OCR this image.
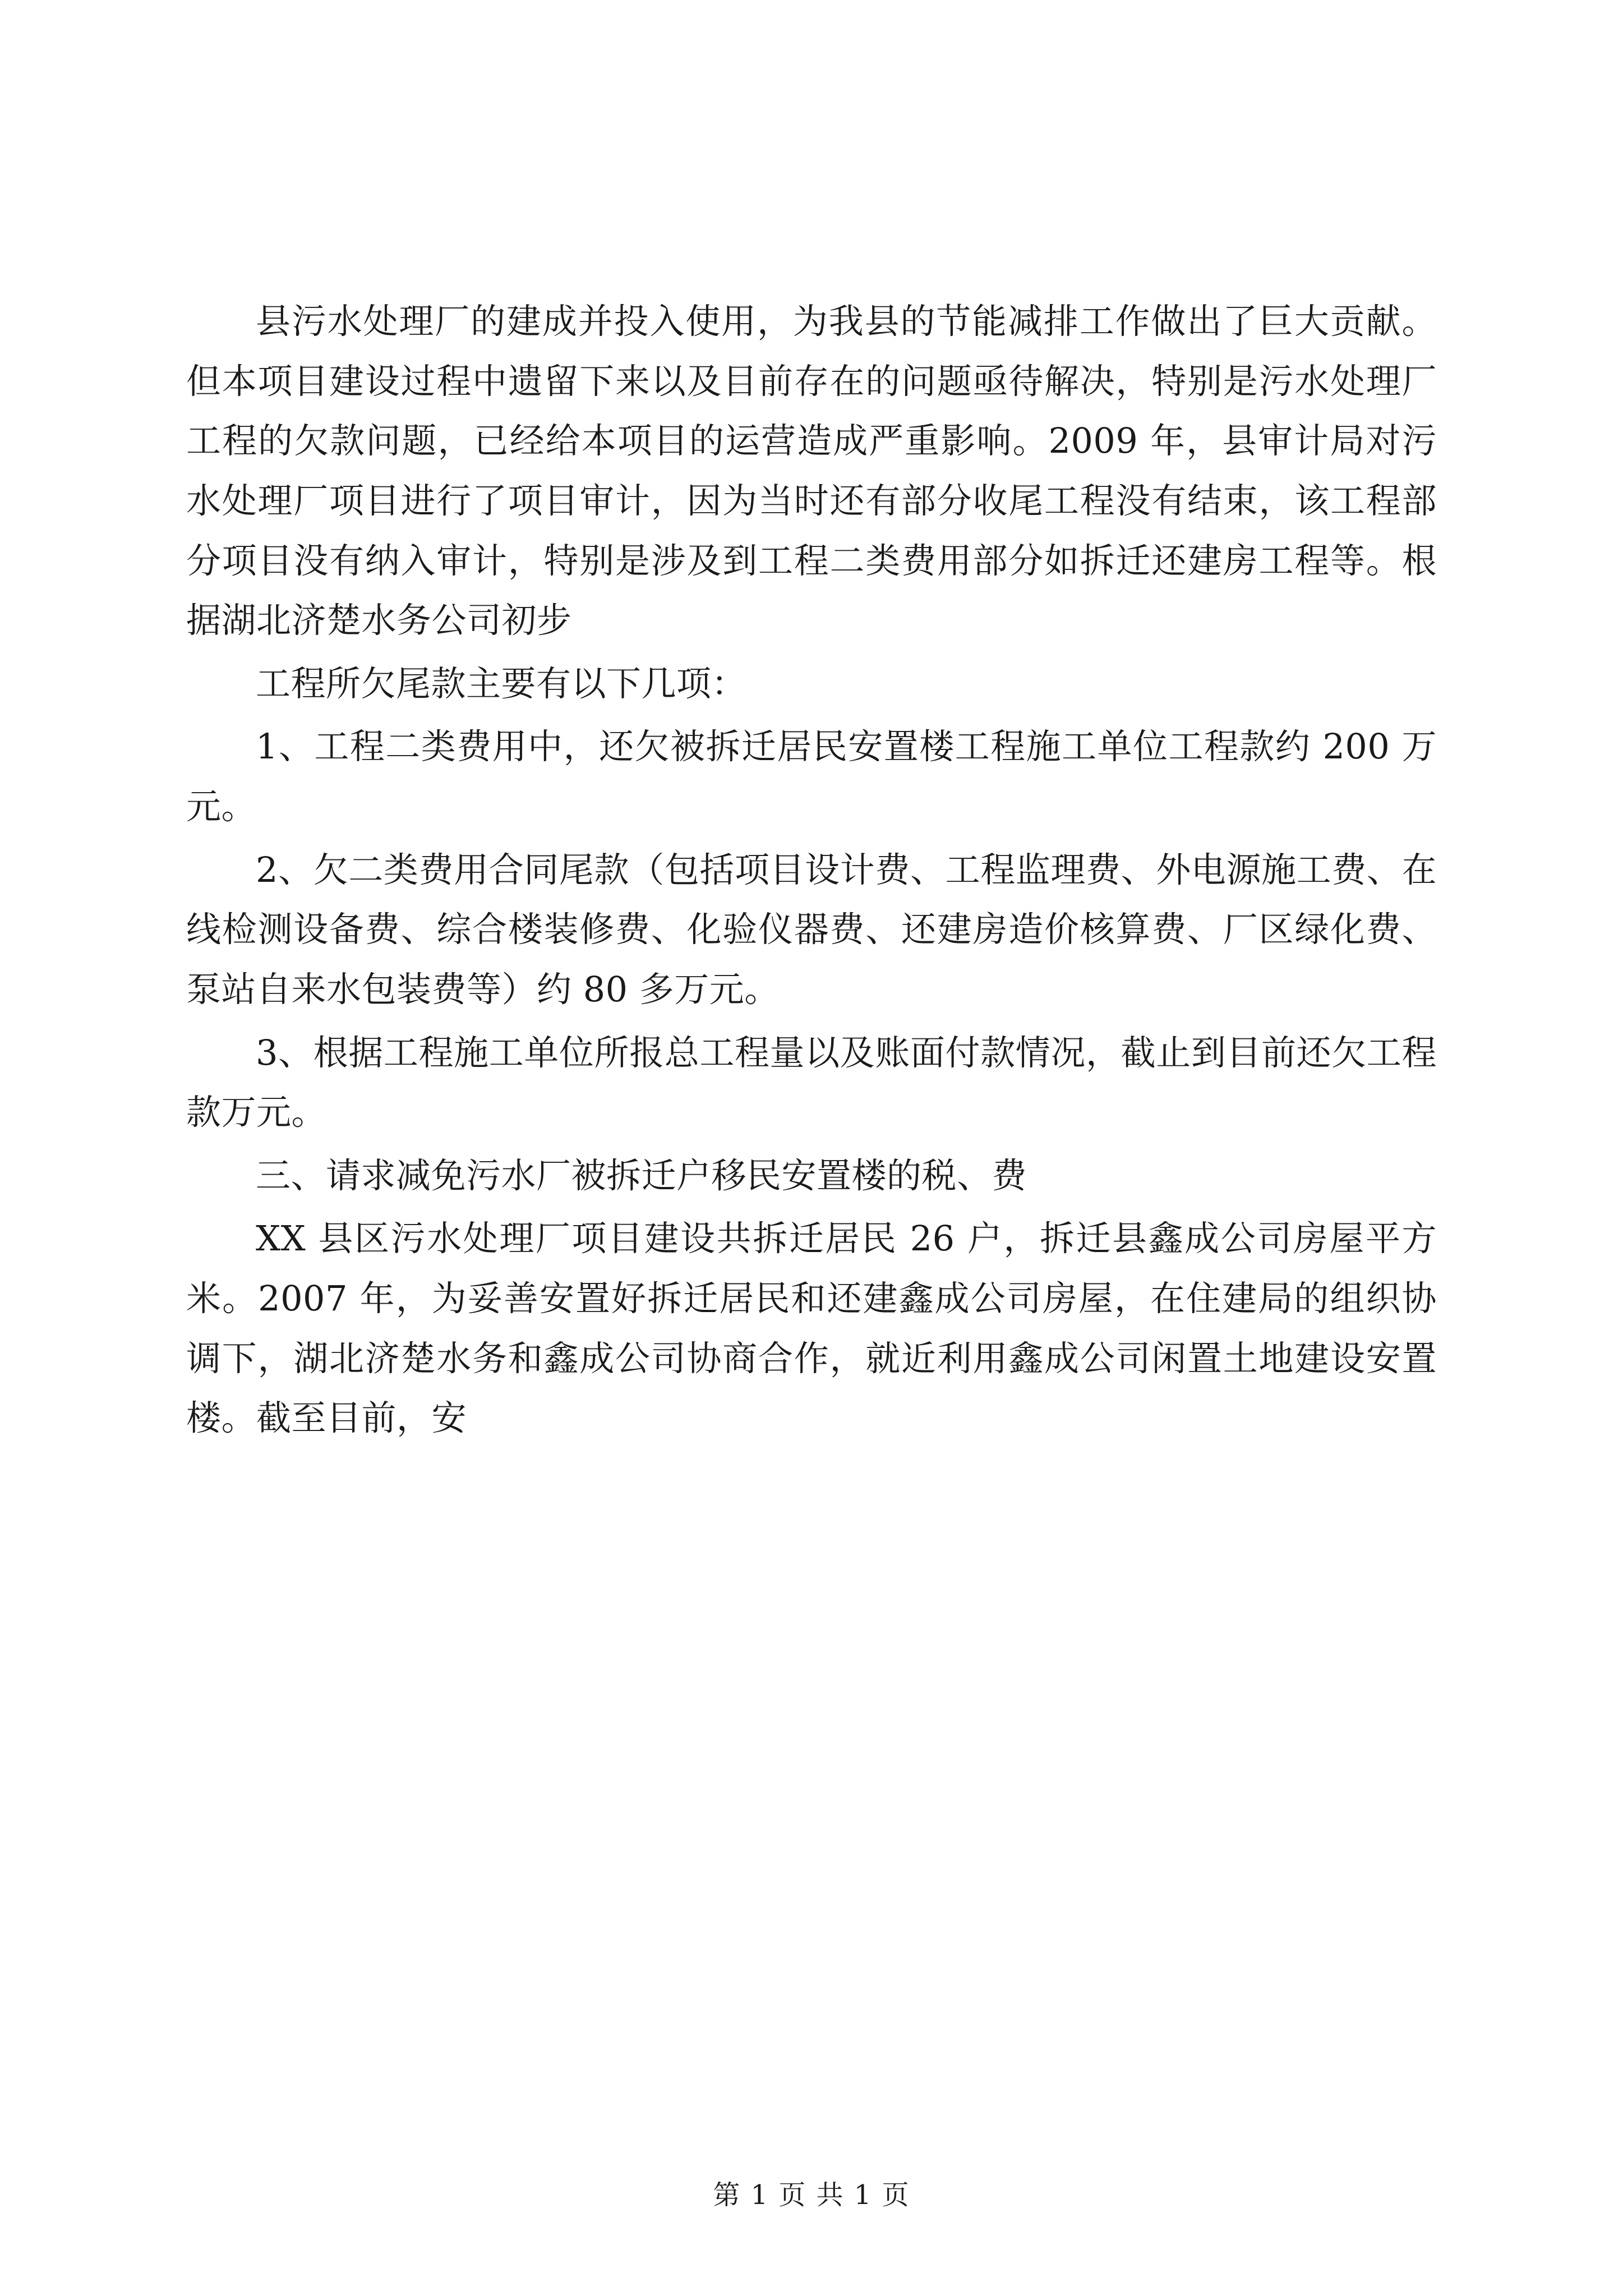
县污水处理厂的建成并投入使用，为我县的节能减排工作做出了巨大贡献。但本项目建设过程中遗留下来以及目前存在的问题亟待解决，特别是污水处理厂工程的欠款问题，已经给本项目的运营造成严重影响。2009 年，县审计局对污水处理厂项目进行了项目审计，因为当时还有部分收尾工程没有结束，该工程部分项目没有纳入审计，特别是涉及到工程二类费用部分如拆迁还建房工程等。根据湖北济楚水务公司初步

工程所欠尾款主要有以下几项：

1、工程二类费用中，还欠被拆迁居民安置楼工程施工单位工程款约 200 万元。

2、欠二类费用合同尾款（包括项目设计费、工程监理费、外电源施工费、在线检测设备费、综合楼装修费、化验仪器费、还建房造价核算费、厂区绿化费、泵站自来水包装费等）约 80 多万元。

3、根据工程施工单位所报总工程量以及账面付款情况，截止到目前还欠工程款万元。

三、请求减免污水厂被拆迁户移民安置楼的税、费

XX 县区污水处理厂项目建设共拆迁居民 26 户，拆迁县鑫成公司房屋平方米。2007 年，为妥善安置好拆迁居民和还建鑫成公司房屋，在住建局的组织协调下，湖北济楚水务和鑫成公司协商合作，就近利用鑫成公司闲置土地建设安置楼。截至目前，安

第 1 页 共 1 页
